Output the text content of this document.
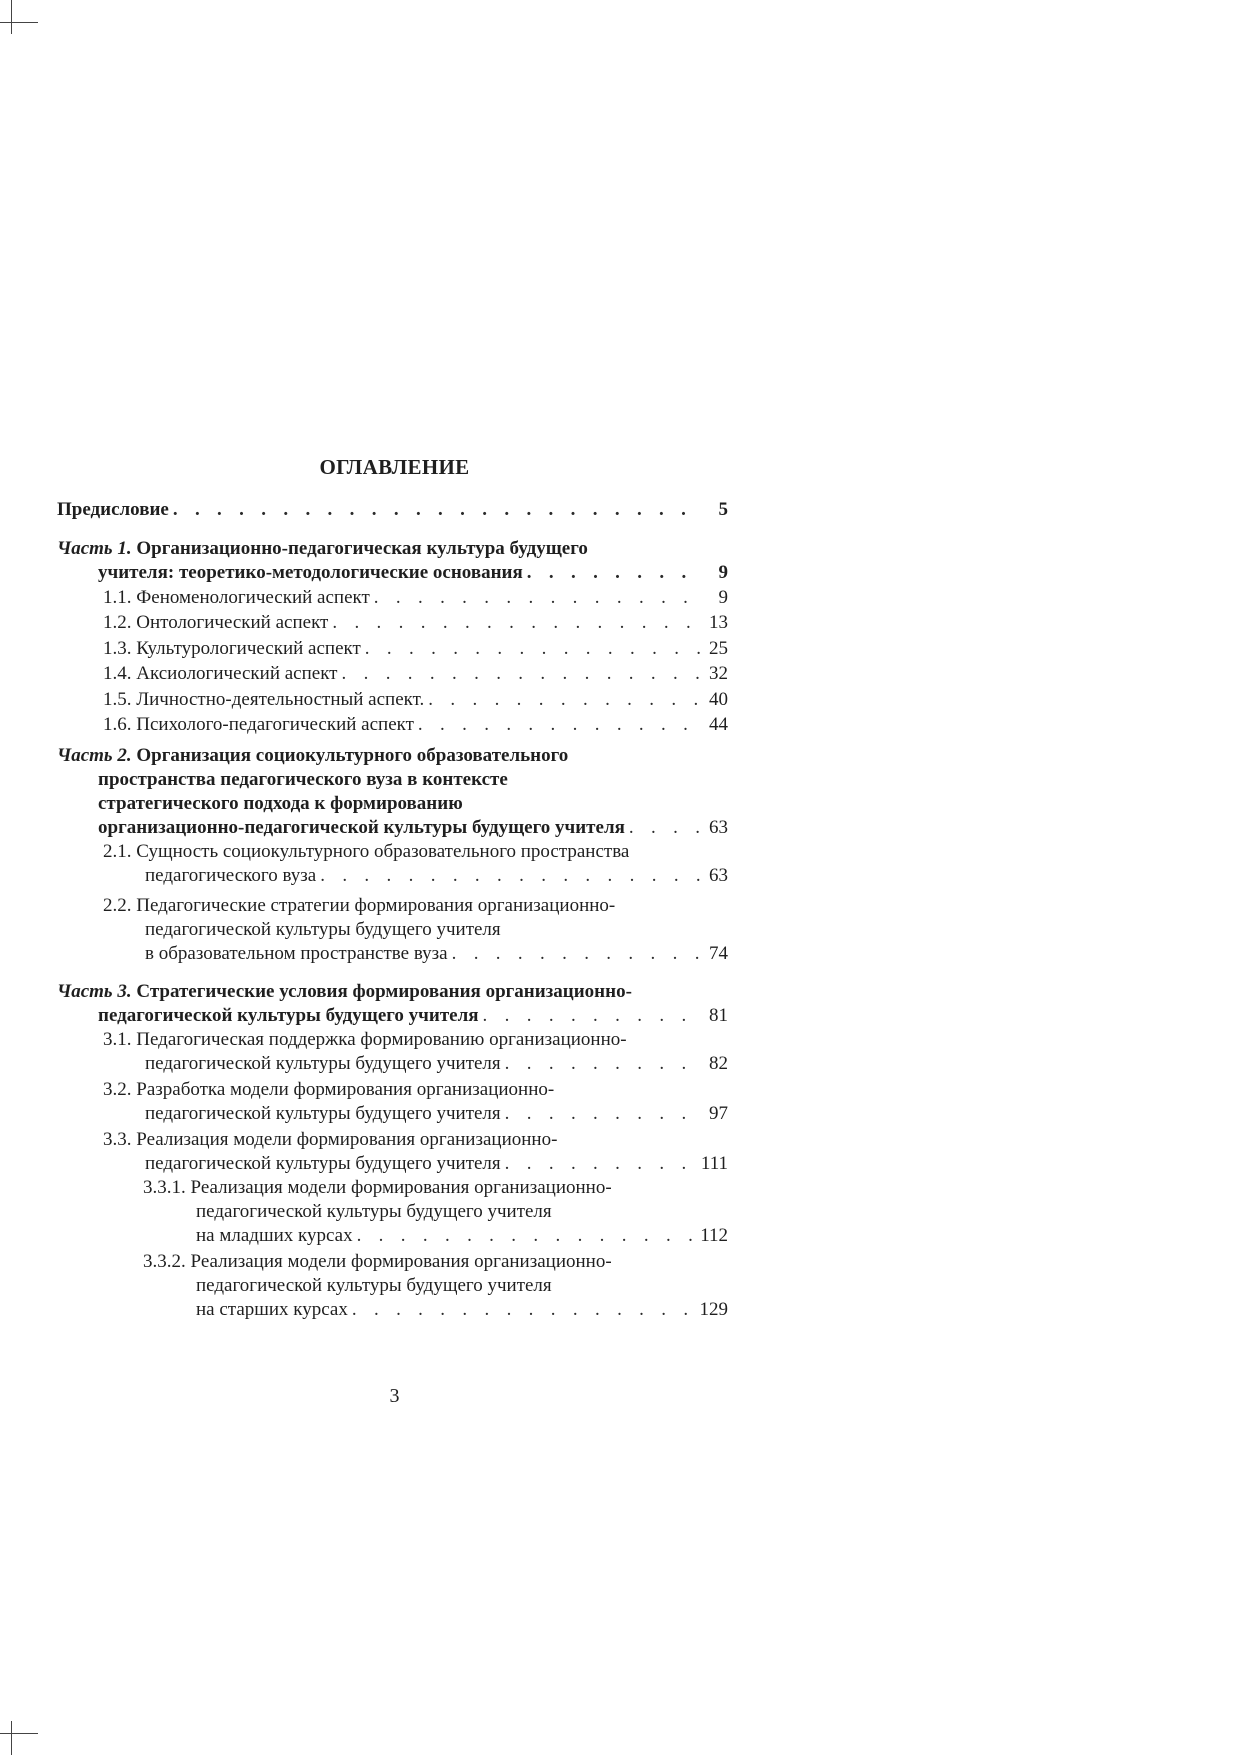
ОГЛАВЛЕНИЕ
Предисловие . . .	5
Часть 1. Организационно-педагогическая культура будущего
учителя: теоретико-методологические основания . . .	9
1.1. Феноменологический аспект . . .	9
1.2. Онтологический аспект . . .	13
1.3. Культурологический аспект . . .	25
1.4. Аксиологический аспект . . .	32
1.5. Личностно-деятельностный аспект. . . .	40
1.6. Психолого-педагогический аспект . . .	44
Часть 2. Организация социокультурного образовательного
пространства педагогического вуза в контексте
стратегического подхода к формированию
организационно-педагогической культуры будущего учителя . . .	63
2.1. Сущность социокультурного образовательного пространства
педагогического вуза . . .	63
2.2. Педагогические стратегии формирования организационно-
педагогической культуры будущего учителя
в образовательном пространстве вуза . . .	74
Часть 3. Стратегические условия формирования организационно-
педагогической культуры будущего учителя . . .	81
3.1. Педагогическая поддержка формированию организационно-
педагогической культуры будущего учителя . . .	82
3.2. Разработка модели формирования организационно-
педагогической культуры будущего учителя . . .	97
3.3. Реализация модели формирования организационно-
педагогической культуры будущего учителя . . .	111
3.3.1. Реализация модели формирования организационно-
педагогической культуры будущего учителя
на младших курсах . . .	112
3.3.2. Реализация модели формирования организационно-
педагогической культуры будущего учителя
на старших курсах . . .	129
3
